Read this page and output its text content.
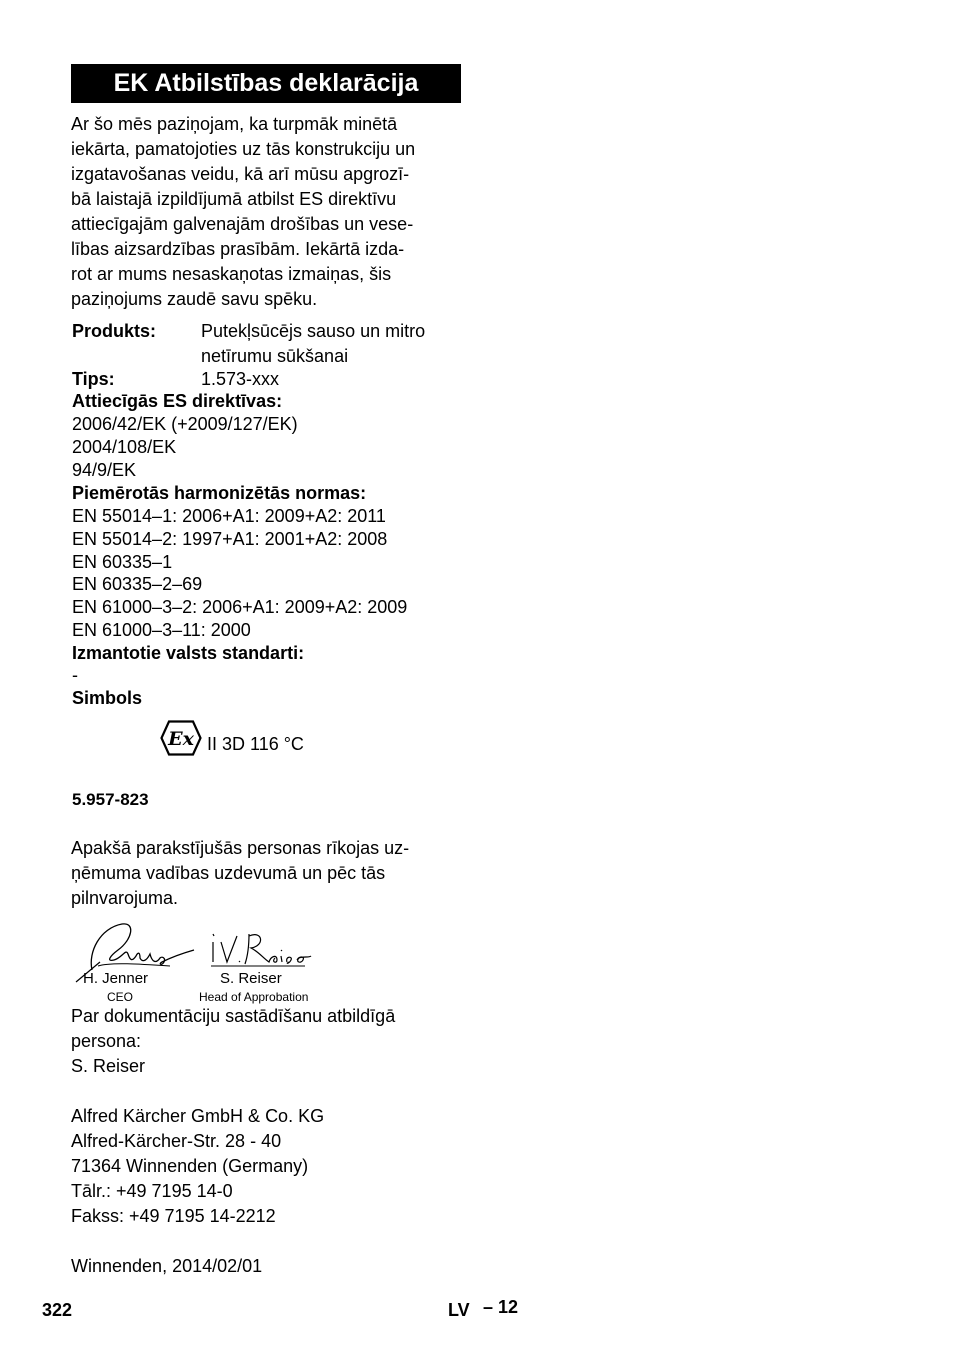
EK Atbilstības deklarācija

Ar šo mēs paziņojam, ka turpmāk minētā
iekārta, pamatojoties uz tās konstrukciju un
izgatavošanas veidu, kā arī mūsu apgrozī-
bā laistajā izpildījumā atbilst ES direktīvu
attiecīgajām galvenajām drošības un vese-
lības aizsardzības prasībām. Iekārtā izda-
rot ar mums nesaskaņotas izmaiņas, šis
paziņojums zaudē savu spēku.

Produkts: Putekļsūcējs sauso un mitro
netīrumu sūkšanai
Tips:	1.573-xxx
Attiecīgās ES direktīvas:
2006/42/EK (+2009/127/EK)
2004/108/EK
94/9/EK
Piemērotās harmonizētās normas:
EN 55014–1: 2006+A1: 2009+A2: 2011
EN 55014–2: 1997+A1: 2001+A2: 2008
EN 60335–1
EN 60335–2–69
EN 61000–3–2: 2006+A1: 2009+A2: 2009
EN 61000–3–11: 2000
Izmantotie valsts standarti:
-
Simbols
Ex II 3D 116 °C
5.957-823
Apakšā parakstījušās personas rīkojas uz-
ņēmuma vadības uzdevumā un pēc tās
pilnvarojuma.
H. Jenner
CEO
S. Reiser
Head of Approbation
Par dokumentāciju sastādīšanu atbildīgā
persona:
S. Reiser
Alfred Kärcher GmbH & Co. KG
Alfred-Kärcher-Str. 28 - 40
71364 Winnenden (Germany)
Tālr.: +49 7195 14-0
Fakss: +49 7195 14-2212
Winnenden, 2014/02/01
322	LV – 12
